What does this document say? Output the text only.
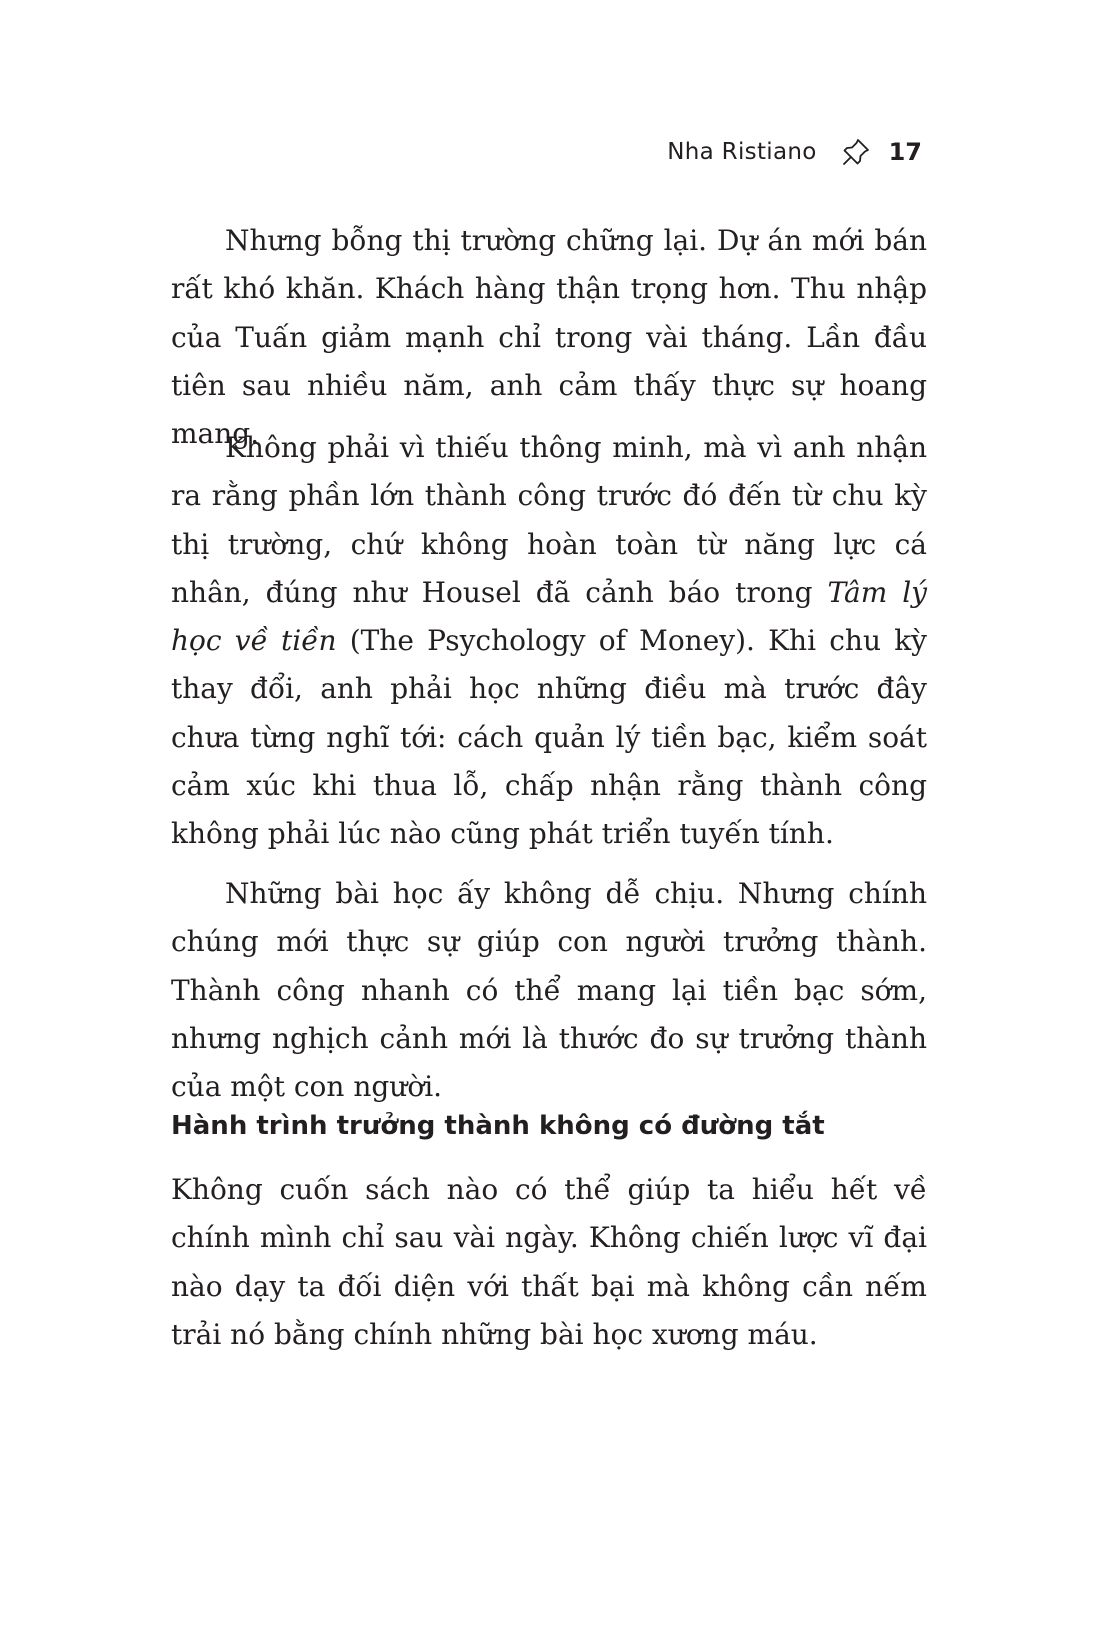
Nha Ristiano	17

Nhưng bỗng thị trường chững lại. Dự án mới bán rất khó khăn. Khách hàng thận trọng hơn. Thu nhập của Tuấn giảm mạnh chỉ trong vài tháng. Lần đầu tiên sau nhiều năm, anh cảm thấy thực sự hoang mang.

Không phải vì thiếu thông minh, mà vì anh nhận ra rằng phần lớn thành công trước đó đến từ chu kỳ thị trường, chứ không hoàn toàn từ năng lực cá nhân, đúng như Housel đã cảnh báo trong Tâm lý học về tiền (The Psychology of Money). Khi chu kỳ thay đổi, anh phải học những điều mà trước đây chưa từng nghĩ tới: cách quản lý tiền bạc, kiểm soát cảm xúc khi thua lỗ, chấp nhận rằng thành công không phải lúc nào cũng phát triển tuyến tính.

Những bài học ấy không dễ chịu. Nhưng chính chúng mới thực sự giúp con người trưởng thành. Thành công nhanh có thể mang lại tiền bạc sớm, nhưng nghịch cảnh mới là thước đo sự trưởng thành của một con người.

Hành trình trưởng thành không có đường tắt

Không cuốn sách nào có thể giúp ta hiểu hết về chính mình chỉ sau vài ngày. Không chiến lược vĩ đại nào dạy ta đối diện với thất bại mà không cần nếm trải nó bằng chính những bài học xương máu.
